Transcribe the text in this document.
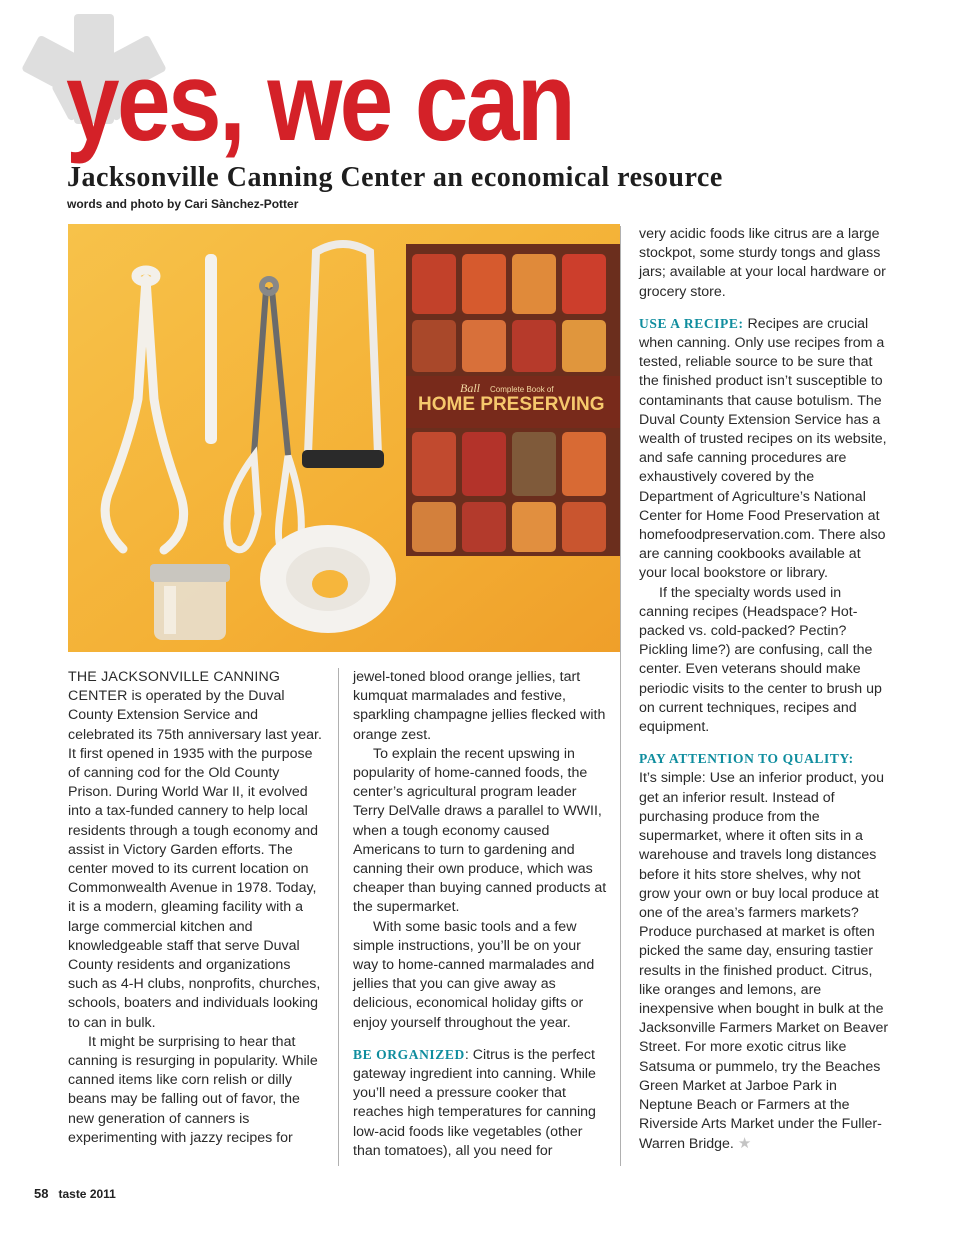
yes, we can
Jacksonville Canning Center an economical resource
words and photo by Cari Sànchez-Potter
Ball Complete Book of
HOME PRESERVING

THE JACKSONVILLE CANNING CENTER is operated by the Duval County Extension Service and celebrated its 75th anniversary last year. It first opened in 1935 with the purpose of canning cod for the Old County Prison. During World War II, it evolved into a tax-funded cannery to help local residents through a tough economy and assist in Victory Garden efforts. The center moved to its current location on Commonwealth Avenue in 1978. Today, it is a modern, gleaming facility with a large commercial kitchen and knowledgeable staff that serve Duval County residents and organizations such as 4-H clubs, nonprofits, churches, schools, boaters and individuals looking to can in bulk.

It might be surprising to hear that canning is resurging in popularity. While canned items like corn relish or dilly beans may be falling out of favor, the new generation of canners is experimenting with jazzy recipes for

jewel-toned blood orange jellies, tart kumquat marmalades and festive, sparkling champagne jellies flecked with orange zest.

To explain the recent upswing in popularity of home-canned foods, the center’s agricultural program leader Terry DelValle draws a parallel to WWII, when a tough economy caused Americans to turn to gardening and canning their own produce, which was cheaper than buying canned products at the supermarket.

With some basic tools and a few simple instructions, you’ll be on your way to home-canned marmalades and jellies that you can give away as delicious, economical holiday gifts or enjoy yourself throughout the year.

BE ORGANIZED: Citrus is the perfect gateway ingredient into canning. While you’ll need a pressure cooker that reaches high temperatures for canning low-acid foods like vegetables (other than tomatoes), all you need for

very acidic foods like citrus are a large stockpot, some sturdy tongs and glass jars; available at your local hardware or grocery store.

USE A RECIPE: Recipes are crucial when canning. Only use recipes from a tested, reliable source to be sure that the finished product isn’t susceptible to contaminants that cause botulism. The Duval County Extension Service has a wealth of trusted recipes on its website, and safe canning procedures are exhaustively covered by the Department of Agriculture’s National Center for Home Food Preservation at homefoodpreservation.com. There also are canning cookbooks available at your local bookstore or library.

If the specialty words used in canning recipes (Headspace? Hot-packed vs. cold-packed? Pectin? Pickling lime?) are confusing, call the center. Even veterans should make periodic visits to the center to brush up on current techniques, recipes and equipment.

PAY ATTENTION TO QUALITY:

It’s simple: Use an inferior product, you get an inferior result. Instead of purchasing produce from the supermarket, where it often sits in a warehouse and travels long distances before it hits store shelves, why not grow your own or buy local produce at one of the area’s farmers markets? Produce purchased at market is often picked the same day, ensuring tastier results in the finished product. Citrus, like oranges and lemons, are inexpensive when bought in bulk at the Jacksonville Farmers Market on Beaver Street. For more exotic citrus like Satsuma or pummelo, try the Beaches Green Market at Jarboe Park in Neptune Beach or Farmers at the Riverside Arts Market under the Fuller-Warren Bridge. ★

58 taste 2011
